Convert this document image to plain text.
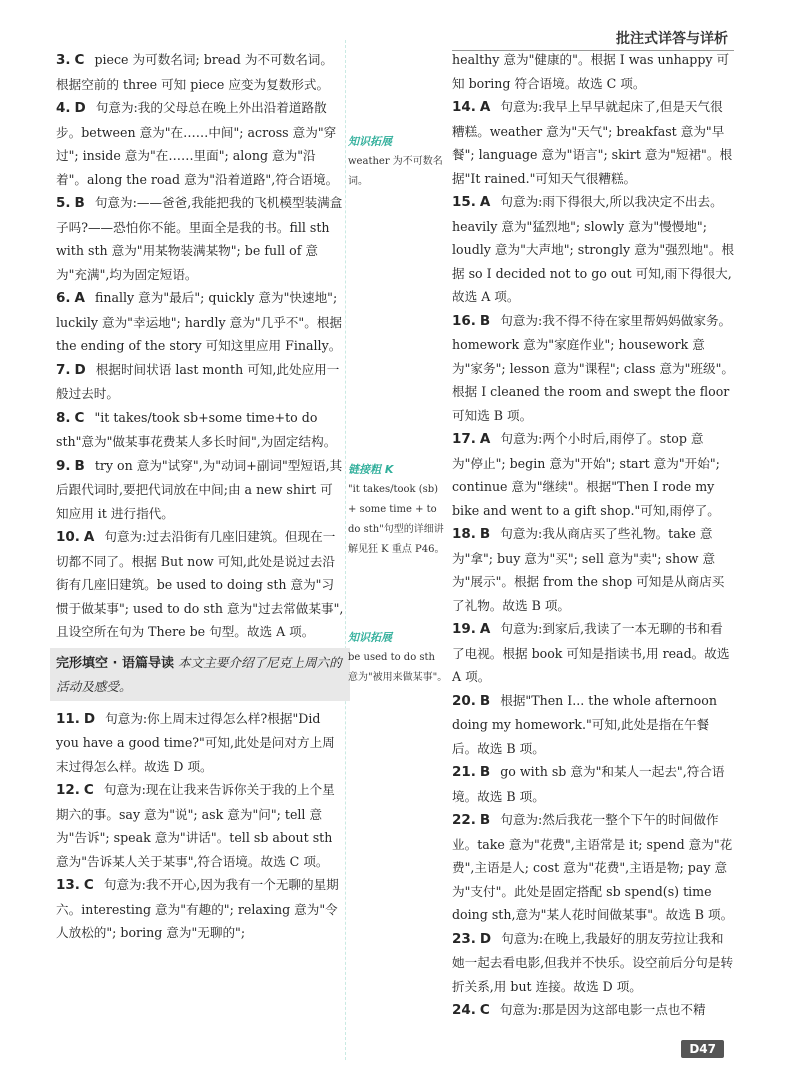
批注式详答与详析

3. C piece 为可数名词; bread 为不可数名词。根据空前的 three 可知 piece 应变为复数形式。

4. D 句意为:我的父母总在晚上外出沿着道路散步。between 意为"在……中间"; across 意为"穿过"; inside 意为"在……里面"; along 意为"沿着"。along the road 意为"沿着道路",符合语境。

5. B 句意为:——爸爸,我能把我的飞机模型装满盒子吗?——恐怕你不能。里面全是我的书。fill sth with sth 意为"用某物装满某物"; be full of 意为"充满",均为固定短语。

6. A finally 意为"最后"; quickly 意为"快速地"; luckily 意为"幸运地"; hardly 意为"几乎不"。根据 the ending of the story 可知这里应用 Finally。

7. D 根据时间状语 last month 可知,此处应用一般过去时。

8. C "it takes/took sb+some time+to do sth"意为"做某事花费某人多长时间",为固定结构。

9. B try on 意为"试穿",为"动词+副词"型短语,其后跟代词时,要把代词放在中间;由 a new shirt 可知应用 it 进行指代。

10. A 句意为:过去沿街有几座旧建筑。但现在一切都不同了。根据 But now 可知,此处是说过去沿街有几座旧建筑。be used to doing sth 意为"习惯于做某事"; used to do sth 意为"过去常做某事",且设空所在句为 There be 句型。故选 A 项。

完形填空 · 语篇导读 本文主要介绍了尼克上周六的活动及感受。

11. D 句意为:你上周末过得怎么样?根据"Did you have a good time?"可知,此处是问对方上周末过得怎么样。故选 D 项。

12. C 句意为:现在让我来告诉你关于我的上个星期六的事。say 意为"说"; ask 意为"问"; tell 意为"告诉"; speak 意为"讲话"。tell sb about sth 意为"告诉某人关于某事",符合语境。故选 C 项。

13. C 句意为:我不开心,因为我有一个无聊的星期六。interesting 意为"有趣的"; relaxing 意为"令人放松的"; boring 意为"无聊的";

healthy 意为"健康的"。根据 I was unhappy 可知 boring 符合语境。故选 C 项。

14. A 句意为:我早上早早就起床了,但是天气很糟糕。weather 意为"天气"; breakfast 意为"早餐"; language 意为"语言"; skirt 意为"短裙"。根据"It rained."可知天气很糟糕。

15. A 句意为:雨下得很大,所以我决定不出去。heavily 意为"猛烈地"; slowly 意为"慢慢地"; loudly 意为"大声地"; strongly 意为"强烈地"。根据 so I decided not to go out 可知,雨下得很大,故选 A 项。

16. B 句意为:我不得不待在家里帮妈妈做家务。homework 意为"家庭作业"; housework 意为"家务"; lesson 意为"课程"; class 意为"班级"。根据 I cleaned the room and swept the floor 可知选 B 项。

17. A 句意为:两个小时后,雨停了。stop 意为"停止"; begin 意为"开始"; start 意为"开始"; continue 意为"继续"。根据"Then I rode my bike and went to a gift shop."可知,雨停了。

18. B 句意为:我从商店买了些礼物。take 意为"拿"; buy 意为"买"; sell 意为"卖"; show 意为"展示"。根据 from the shop 可知是从商店买了礼物。故选 B 项。

19. A 句意为:到家后,我读了一本无聊的书和看了电视。根据 book 可知是指读书,用 read。故选 A 项。

20. B 根据"Then I... the whole afternoon doing my homework."可知,此处是指在午餐后。故选 B 项。

21. B go with sb 意为"和某人一起去",符合语境。故选 B 项。

22. B 句意为:然后我花一整个下午的时间做作业。take 意为"花费",主语常是 it; spend 意为"花费",主语是人; cost 意为"花费",主语是物; pay 意为"支付"。此处是固定搭配 sb spend(s) time doing sth,意为"某人花时间做某事"。故选 B 项。

23. D 句意为:在晚上,我最好的朋友劳拉让我和她一起去看电影,但我并不快乐。设空前后分句是转折关系,用 but 连接。故选 D 项。

24. C 句意为:那是因为这部电影一点也不精

知识拓展
weather 为不可数名词。
链接粗 K
"it takes/took (sb) + some time + to do sth"句型的详细讲解见狂 K 重点 P46。
知识拓展
be used to do sth 意为"被用来做某事"。
D47
